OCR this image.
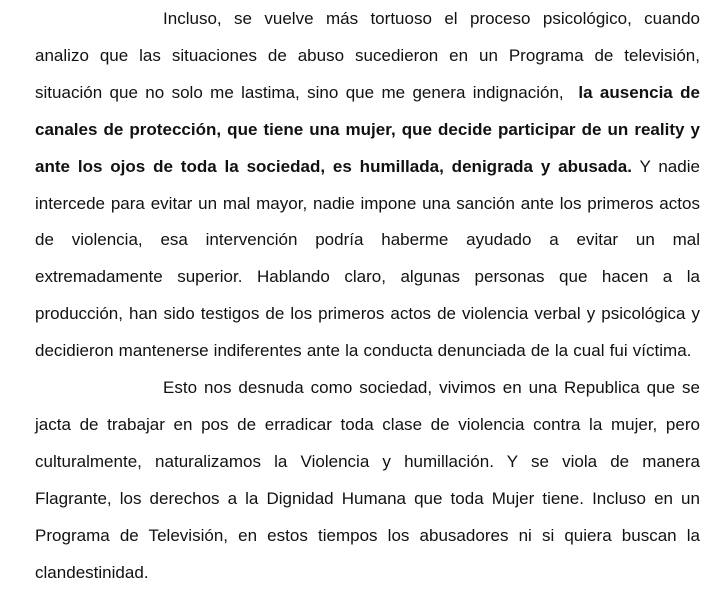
Incluso, se vuelve más tortuoso el proceso psicológico, cuando analizo que las situaciones de abuso sucedieron en un Programa de televisión, situación que no solo me lastima, sino que me genera indignación, la ausencia de canales de protección, que tiene una mujer, que decide participar de un reality y ante los ojos de toda la sociedad, es humillada, denigrada y abusada. Y nadie intercede para evitar un mal mayor, nadie impone una sanción ante los primeros actos de violencia, esa intervención podría haberme ayudado a evitar un mal extremadamente superior. Hablando claro, algunas personas que hacen a la producción, han sido testigos de los primeros actos de violencia verbal y psicológica y decidieron mantenerse indiferentes ante la conducta denunciada de la cual fui víctima.

Esto nos desnuda como sociedad, vivimos en una Republica que se jacta de trabajar en pos de erradicar toda clase de violencia contra la mujer, pero culturalmente, naturalizamos la Violencia y humillación. Y se viola de manera Flagrante, los derechos a la Dignidad Humana que toda Mujer tiene. Incluso en un Programa de Televisión, en estos tiempos los abusadores ni si quiera buscan la clandestinidad.
